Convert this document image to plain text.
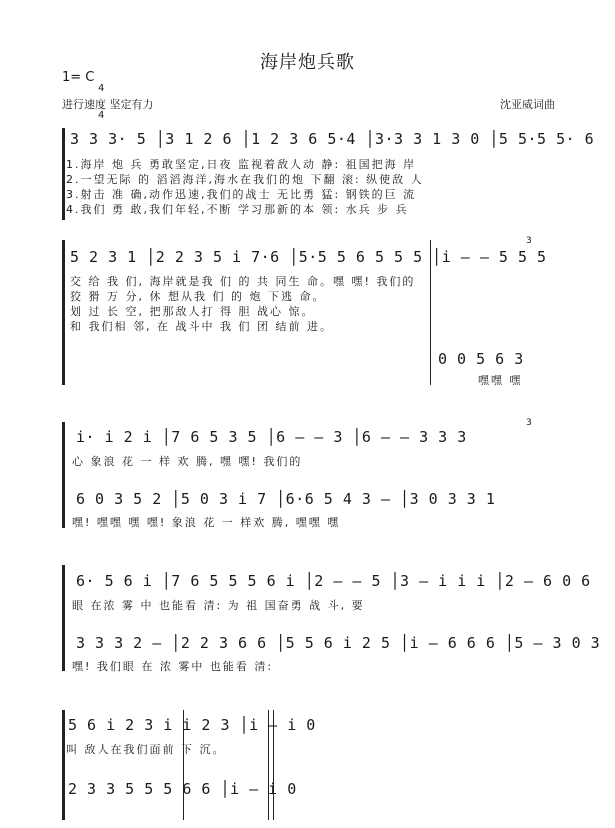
海岸炮兵歌
1= C

4

4

进行速度 坚定有力	沈亚威词曲
3 3 3· 5 │3 1 2 6 │1 2 3 6 5·4 │3·3 3 1 3 0 │5 5·5 5· 6
1.海岸 炮 兵 勇敢坚定,日夜 监视着敌人动 静: 祖国把海 岸
2.一望无际 的 滔滔海洋,海水在我们的炮 下翻 滚: 纵使敌 人
3.射击 准 确,动作迅速,我们的战士 无比勇 猛: 钢铁的巨 流
4.我们 勇 敢,我们年轻,不断 学习那新的本 领: 水兵 步 兵
3
5 2 3 1 │2 2 3 5 i 7·6 │5·5 5 6 5 5 5 │i — — 5 5 5
交 给 我 们, 海岸就是我 们 的 共 同生 命。嘿 嘿! 我们的
狡 猾 万 分, 休 想从我 们 的 炮 下逃 命。
划 过 长 空, 把那敌人打 得 胆 战心 惊。
和 我们相 邻, 在 战斗中 我 们 团 结前 进。
0 0 5 6 3
嘿嘿 嘿
3
i· i 2 i │7 6 5 3 5 │6 — — 3 │6 — — 3 3 3
心 象浪 花 一 样 欢 腾, 嘿 嘿! 我们的
6 0 3 5 2 │5 0 3 i 7 │6·6 5 4 3 — │3 0 3 3 1
嘿! 嘿嘿 嘿 嘿! 象浪 花 一 样欢 腾, 嘿嘿 嘿
6· 5 6 i │7 6 5 5 5 6 i │2 — — 5 │3 — i i i │2 — 6 0 6
眼 在浓 雾 中 也能看 清: 为 祖 国奋勇 战 斗, 要
3 3 3 2 — │2 2 3 6 6 │5 5 6 i 2 5 │i — 6 6 6 │5 — 3 0 3
嘿! 我们眼 在 浓 雾中 也能看 清:
5 6 i 2 3 i i 2 3 │i — i 0
叫 敌人在我们面前 下 沉。
2 3 3 5 5 5 6 6 │i — i 0
